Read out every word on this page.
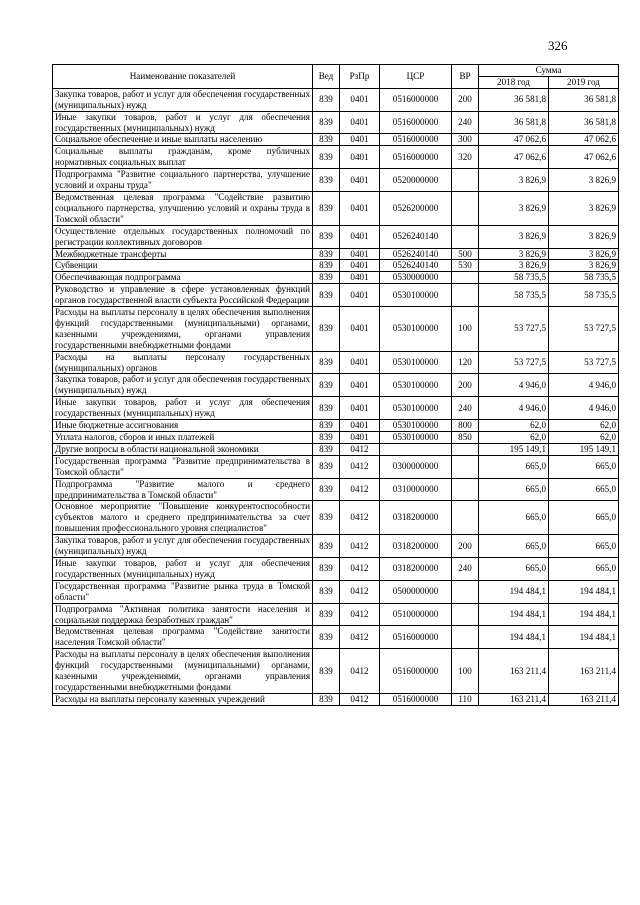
326
Наименование показателей	Вед	РзПр	ЦСР	ВР	Сумма	
					2018 год	2019 год
Закупка товаров, работ и услуг для обеспечения государственных (муниципальных) нужд	839	0401	0516000000	200	36 581,8	36 581,8
Иные закупки товаров, работ и услуг для обеспечения государственных (муниципальных) нужд	839	0401	0516000000	240	36 581,8	36 581,8
Социальное обеспечение и иные выплаты населению	839	0401	0516000000	300	47 062,6	47 062,6
Социальные выплаты гражданам, кроме публичных нормативных социальных выплат	839	0401	0516000000	320	47 062,6	47 062,6
Подпрограмма "Развитие социального партнерства, улучшение условий и охраны труда"	839	0401	0520000000		3 826,9	3 826,9
Ведомственная целевая программа "Содействие развитию социального партнерства, улучшению условий и охраны труда в Томской области"	839	0401	0526200000		3 826,9	3 826,9
Осуществление отдельных государственных полномочий по регистрации коллективных договоров	839	0401	0526240140		3 826,9	3 826,9
Межбюджетные трансферты	839	0401	0526240140	500	3 826,9	3 826,9
Субвенции	839	0401	0526240140	530	3 826,9	3 826,9
Обеспечивающая подпрограмма	839	0401	0530000000		58 735,5	58 735,5
Руководство и управление в сфере установленных функций органов государственной власти субъекта Российской Федерации	839	0401	0530100000		58 735,5	58 735,5
Расходы на выплаты персоналу в целях обеспечения выполнения функций государственными (муниципальными) органами, казенными учреждениями, органами управления государственными внебюджетными фондами	839	0401	0530100000	100	53 727,5	53 727,5
Расходы на выплаты персоналу государственных (муниципальных) органов	839	0401	0530100000	120	53 727,5	53 727,5
Закупка товаров, работ и услуг для обеспечения государственных (муниципальных) нужд	839	0401	0530100000	200	4 946,0	4 946,0
Иные закупки товаров, работ и услуг для обеспечения государственных (муниципальных) нужд	839	0401	0530100000	240	4 946,0	4 946,0
Иные бюджетные ассигнования	839	0401	0530100000	800	62,0	62,0
Уплата налогов, сборов и иных платежей	839	0401	0530100000	850	62,0	62,0
Другие вопросы в области национальной экономики	839	0412			195 149,1	195 149,1
Государственная программа "Развитие предпринимательства в Томской области"	839	0412	0300000000		665,0	665,0
Подпрограмма "Развитие малого и среднего предпринимательства в Томской области"	839	0412	0310000000		665,0	665,0
Основное мероприятие "Повышение конкурентоспособности субъектов малого и среднего предпринимательства за счет повышения профессионального уровня специалистов"	839	0412	0318200000		665,0	665,0
Закупка товаров, работ и услуг для обеспечения государственных (муниципальных) нужд	839	0412	0318200000	200	665,0	665,0
Иные закупки товаров, работ и услуг для обеспечения государственных (муниципальных) нужд	839	0412	0318200000	240	665,0	665,0
Государственная программа "Развитие рынка труда в Томской области"	839	0412	0500000000		194 484,1	194 484,1
Подпрограмма "Активная политика занятости населения и социальная поддержка безработных граждан"	839	0412	0510000000		194 484,1	194 484,1
Ведомственная целевая программа "Содействие занятости населения Томской области"	839	0412	0516000000		194 484,1	194 484,1
Расходы на выплаты персоналу в целях обеспечения выполнения функций государственными (муниципальными) органами, казенными учреждениями, органами управления государственными внебюджетными фондами	839	0412	0516000000	100	163 211,4	163 211,4
Расходы на выплаты персоналу казенных учреждений	839	0412	0516000000	110	163 211,4	163 211,4
